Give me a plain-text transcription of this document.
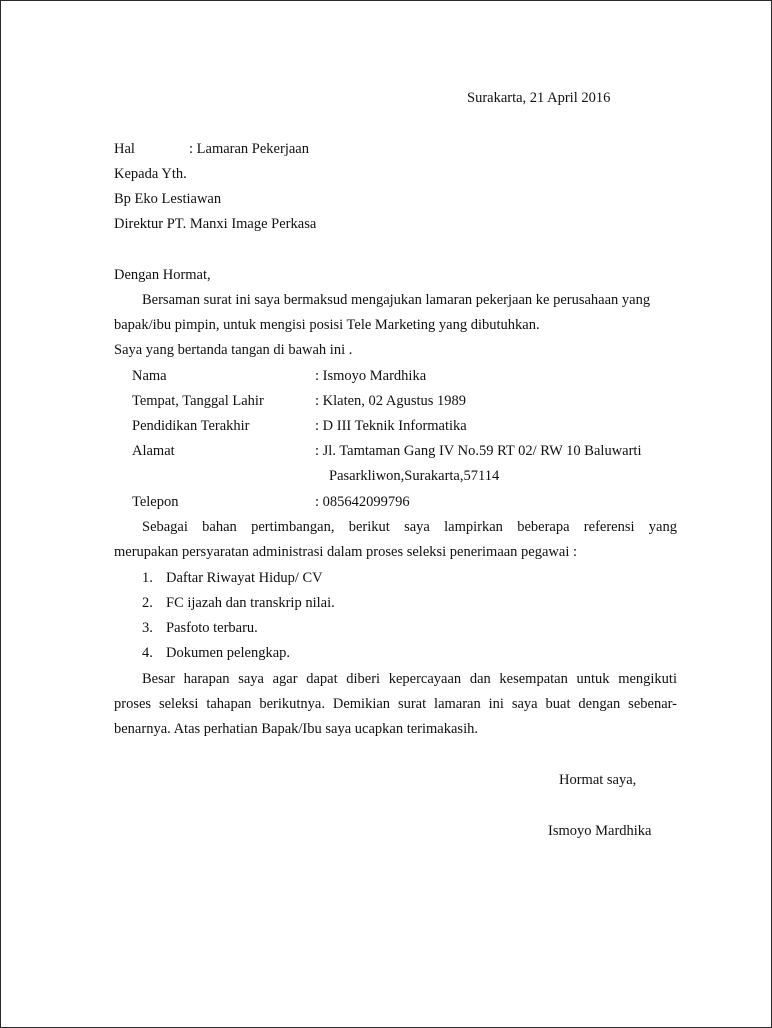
Surakarta, 21 April 2016
Hal	: Lamaran Pekerjaan
Kepada Yth.
Bp Eko Lestiawan
Direktur PT. Manxi Image Perkasa
Dengan Hormat,
Bersaman surat ini saya bermaksud mengajukan lamaran pekerjaan ke perusahaan yang
bapak/ibu pimpin, untuk mengisi posisi Tele Marketing yang dibutuhkan.
Saya yang bertanda tangan di bawah ini .
Nama	: Ismoyo Mardhika
Tempat, Tanggal Lahir	: Klaten, 02 Agustus 1989
Pendidikan Terakhir	: D III Teknik Informatika
Alamat	: Jl. Tamtaman Gang IV No.59 RT 02/ RW 10 Baluwarti
Pasarkliwon,Surakarta,57114
Telepon	: 085642099796
Sebagai bahan pertimbangan, berikut saya lampirkan beberapa referensi yang
merupakan persyaratan administrasi dalam proses seleksi penerimaan pegawai :
1. Daftar Riwayat Hidup/ CV
2. FC ijazah dan transkrip nilai.
3. Pasfoto terbaru.
4. Dokumen pelengkap.
Besar harapan saya agar dapat diberi kepercayaan dan kesempatan untuk mengikuti
proses seleksi tahapan berikutnya. Demikian surat lamaran ini saya buat dengan sebenar-
benarnya. Atas perhatian Bapak/Ibu saya ucapkan terimakasih.
Hormat saya,
Ismoyo Mardhika
